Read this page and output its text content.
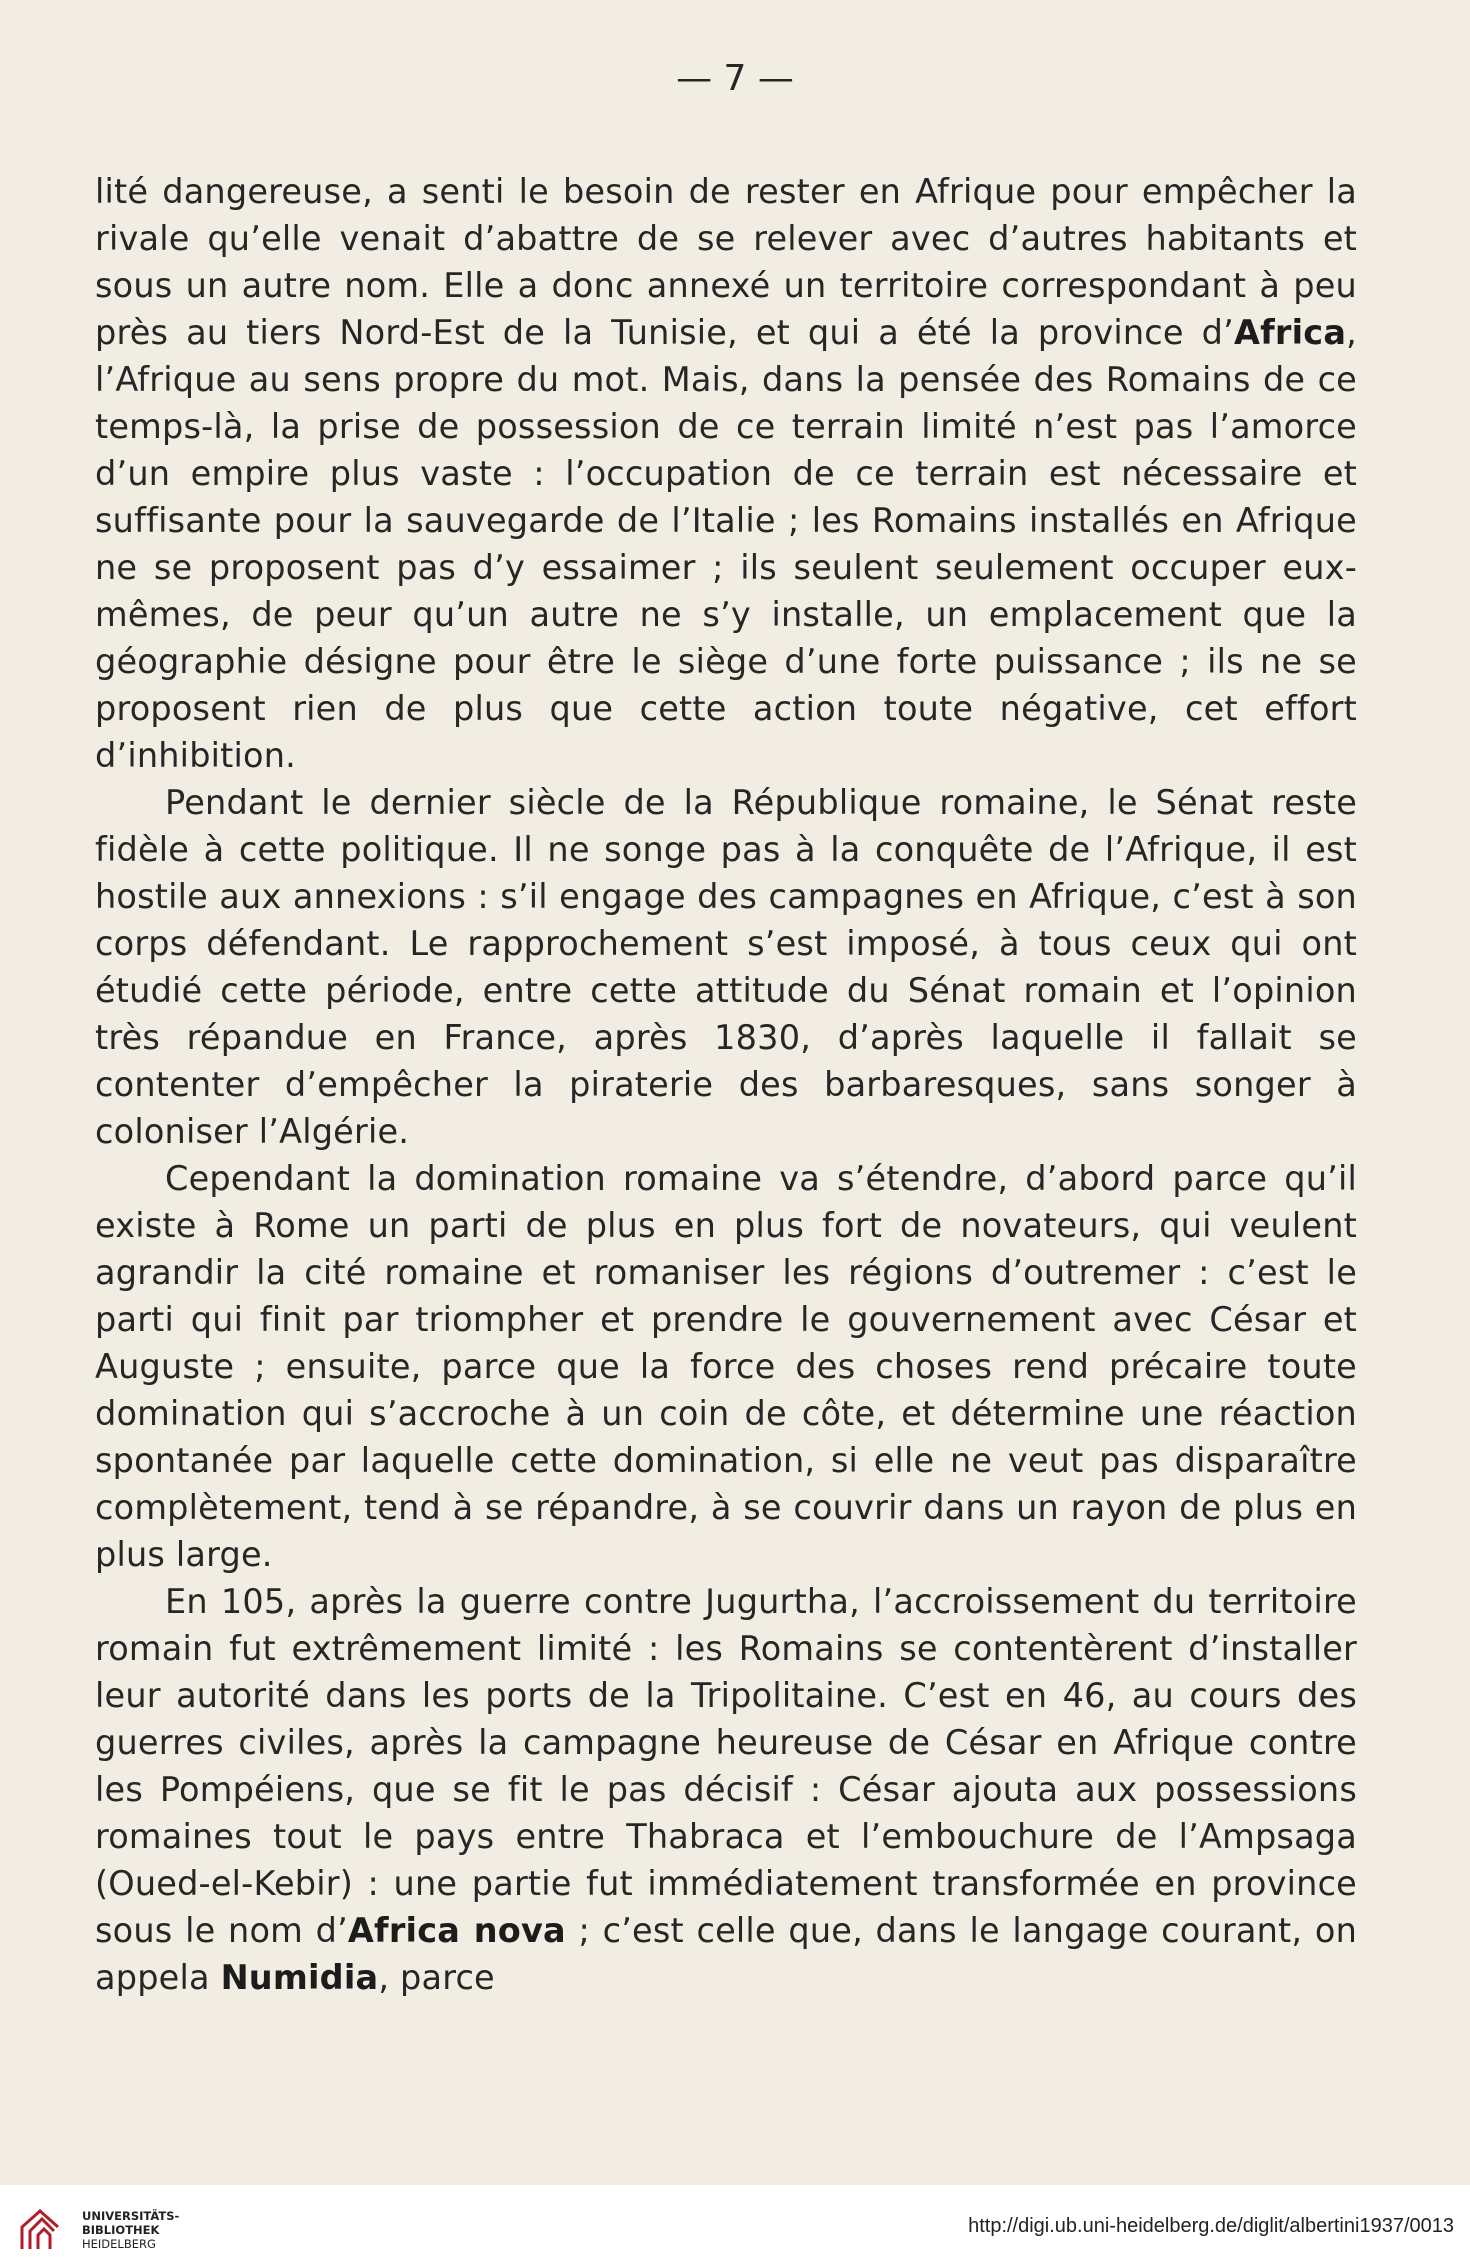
— 7 —

lité dangereuse, a senti le besoin de rester en Afrique pour empêcher la rivale qu’elle venait d’abattre de se relever avec d’autres habitants et sous un autre nom. Elle a donc annexé un territoire correspondant à peu près au tiers Nord-Est de la Tunisie, et qui a été la province d’Africa, l’Afrique au sens propre du mot. Mais, dans la pensée des Romains de ce temps-là, la prise de possession de ce terrain limité n’est pas l’amorce d’un empire plus vaste : l’occupation de ce terrain est nécessaire et suffisante pour la sauvegarde de l’Italie ; les Romains installés en Afrique ne se proposent pas d’y essaimer ; ils seulent seulement occuper eux-mêmes, de peur qu’un autre ne s’y installe, un emplacement que la géographie désigne pour être le siège d’une forte puissance ; ils ne se proposent rien de plus que cette action toute négative, cet effort d’inhibition.

Pendant le dernier siècle de la République romaine, le Sénat reste fidèle à cette politique. Il ne songe pas à la conquête de l’Afrique, il est hostile aux annexions : s’il engage des campagnes en Afrique, c’est à son corps défendant. Le rapprochement s’est imposé, à tous ceux qui ont étudié cette période, entre cette attitude du Sénat romain et l’opinion très répandue en France, après 1830, d’après laquelle il fallait se contenter d’empêcher la piraterie des barbaresques, sans songer à coloniser l’Algérie.

Cependant la domination romaine va s’étendre, d’abord parce qu’il existe à Rome un parti de plus en plus fort de novateurs, qui veulent agrandir la cité romaine et romaniser les régions d’outremer : c’est le parti qui finit par triompher et prendre le gouvernement avec César et Auguste ; ensuite, parce que la force des choses rend précaire toute domination qui s’accroche à un coin de côte, et détermine une réaction spontanée par laquelle cette domination, si elle ne veut pas disparaître complètement, tend à se répandre, à se couvrir dans un rayon de plus en plus large.

En 105, après la guerre contre Jugurtha, l’accroissement du territoire romain fut extrêmement limité : les Romains se contentèrent d’installer leur autorité dans les ports de la Tripolitaine. C’est en 46, au cours des guerres civiles, après la campagne heureuse de César en Afrique contre les Pompéiens, que se fit le pas décisif : César ajouta aux possessions romaines tout le pays entre Thabraca et l’embouchure de l’Ampsaga (Oued-el-Kebir) : une partie fut immédiatement transformée en province sous le nom d’Africa nova ; c’est celle que, dans le langage courant, on appela Numidia, parce

UNIVERSITÄTS-
BIBLIOTHEK
HEIDELBERG
http://digi.ub.uni-heidelberg.de/diglit/albertini1937/0013
